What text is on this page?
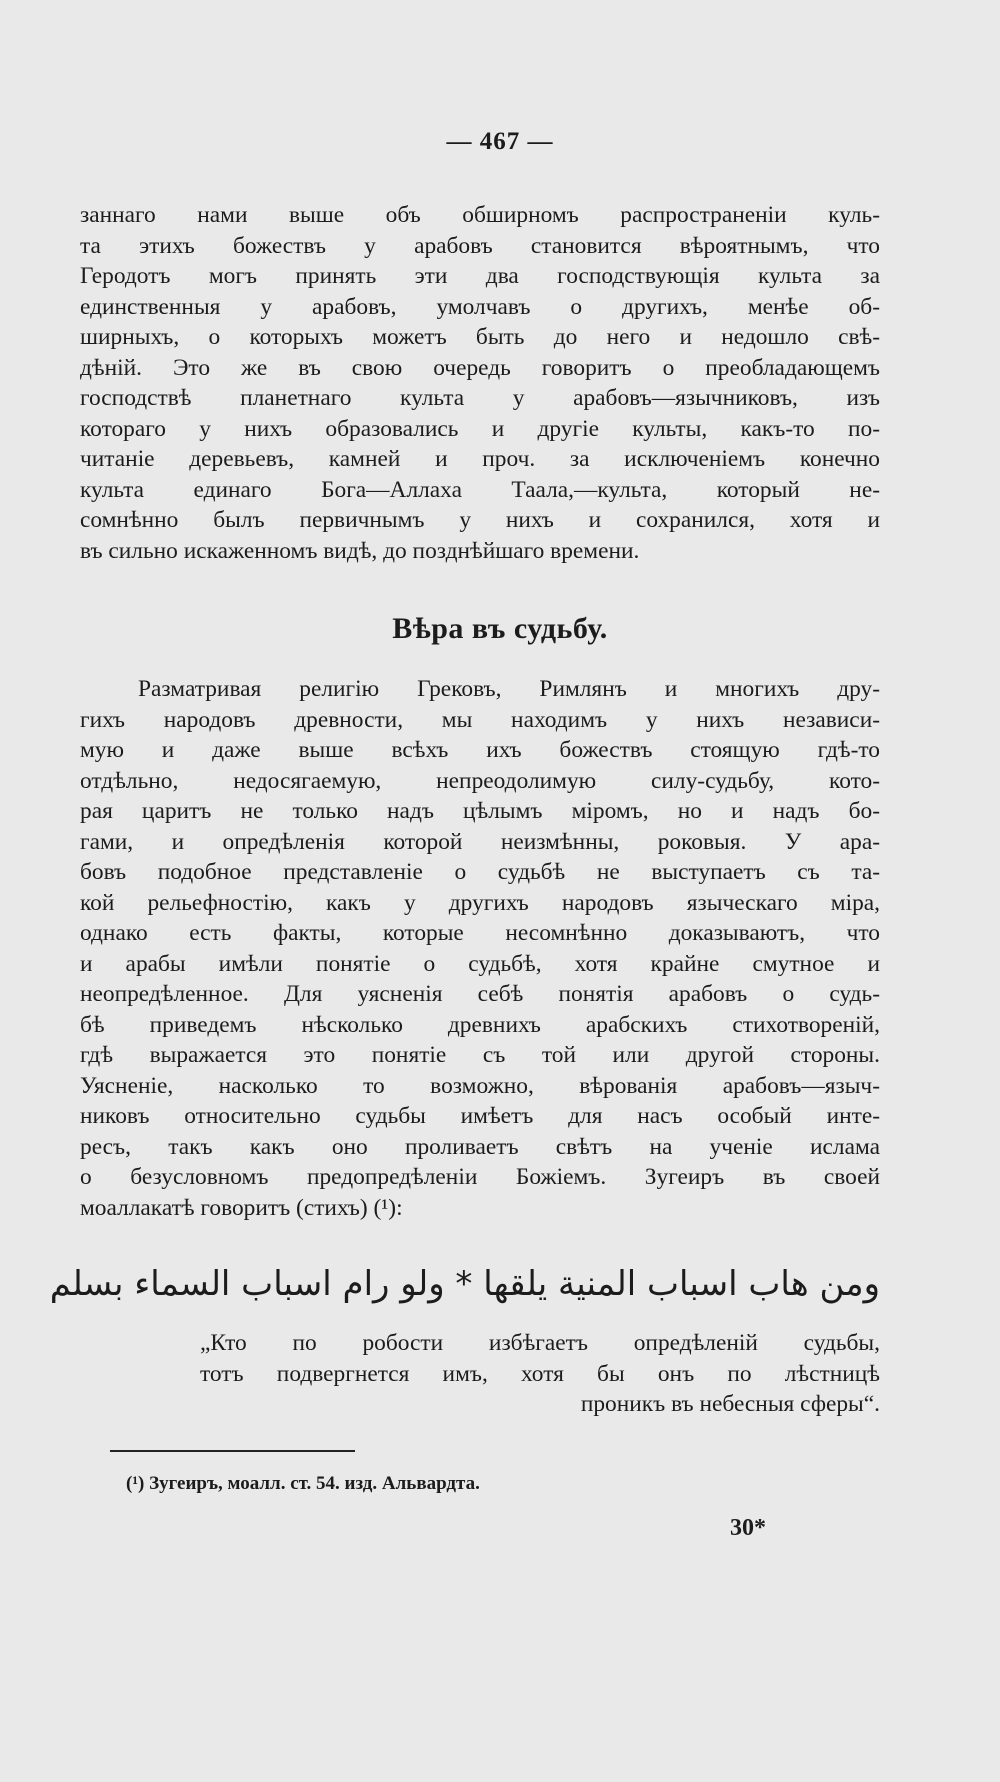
— 467 —
заннаго нами выше объ обширномъ распространенiи куль-
та этихъ божествъ у арабовъ становится вѣроятнымъ, что
Геродотъ могъ принять эти два господствующiя культа за
единственныя у арабовъ, умолчавъ о другихъ, менѣе об-
ширныхъ, о которыхъ можетъ быть до него и недошло свѣ-
дѣнiй. Это же въ свою очередь говоритъ о преобладающемъ
господствѣ планетнаго культа у арабовъ—язычниковъ, изъ
котораго у нихъ образовались и другiе культы, какъ-то по-
читанiе деревьевъ, камней и проч. за исключенiемъ конечно
культа единаго Бога—Аллаха Таала,—культа, который не-
сомнѣнно былъ первичнымъ у нихъ и сохранился, хотя и
въ сильно искаженномъ видѣ, до позднѣйшаго времени.
Вѣра въ судьбу.
Разматривая религiю Грековъ, Римлянъ и многихъ дру-
гихъ народовъ древности, мы находимъ у нихъ независи-
мую и даже выше всѣхъ ихъ божествъ стоящую гдѣ-то
отдѣльно, недосягаемую, непреодолимую силу-судьбу, кото-
рая царитъ не только надъ цѣлымъ мiромъ, но и надъ бо-
гами, и опредѣленiя которой неизмѣнны, роковыя. У ара-
бовъ подобное представленiе о судьбѣ не выступаетъ съ та-
кой рельефностiю, какъ у другихъ народовъ языческаго мiра,
однако есть факты, которые несомнѣнно доказываютъ, что
и арабы имѣли понятiе о судьбѣ, хотя крайне смутное и
неопредѣленное. Для уясненiя себѣ понятiя арабовъ о судь-
бѣ приведемъ нѣсколько древнихъ арабскихъ стихотворенiй,
гдѣ выражается это понятiе съ той или другой стороны.
Уясненiе, насколько то возможно, вѣрованiя арабовъ—языч-
никовъ относительно судьбы имѣетъ для насъ особый инте-
ресъ, такъ какъ оно проливаетъ свѣтъ на ученiе ислама
о безусловномъ предопредѣленiи Божiемъ. Зугеиръ въ своей
моаллакатѣ говоритъ (стихъ) (¹):
ومن هاب اسباب المنية يلقها * ولو رام اسباب السماء بسلم
„Кто по робости избѣгаетъ опредѣленiй судьбы,
тотъ подвергнется имъ, хотя бы онъ по лѣстницѣ
проникъ въ небесныя сферы“.
(¹) Зугеиръ, моалл. ст. 54. изд. Альвардта.
30*
